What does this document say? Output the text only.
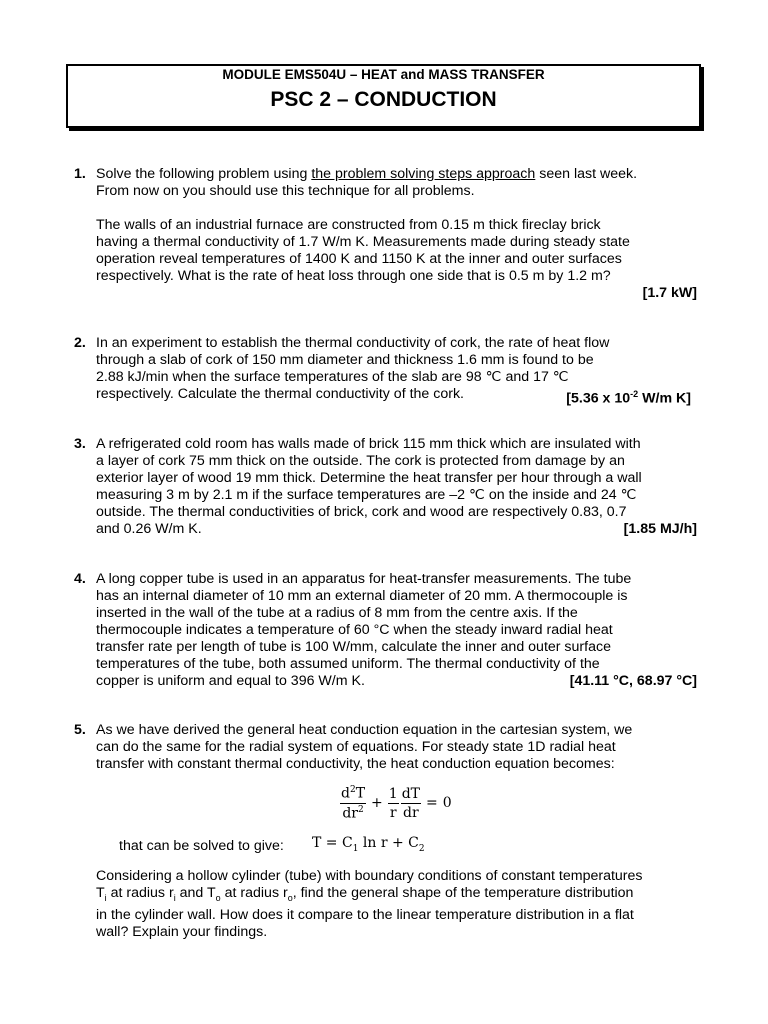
MODULE EMS504U – HEAT and MASS TRANSFER
PSC 2 – CONDUCTION
1. Solve the following problem using the problem solving steps approach seen last week.
From now on you should use this technique for all problems.
The walls of an industrial furnace are constructed from 0.15 m thick fireclay brick
having a thermal conductivity of 1.7 W/m K. Measurements made during steady state
operation reveal temperatures of 1400 K and 1150 K at the inner and outer surfaces
respectively. What is the rate of heat loss through one side that is 0.5 m by 1.2 m?
[1.7 kW]
2. In an experiment to establish the thermal conductivity of cork, the rate of heat flow
through a slab of cork of 150 mm diameter and thickness 1.6 mm is found to be
2.88 kJ/min when the surface temperatures of the slab are 98 ℃ and 17 ℃
respectively. Calculate the thermal conductivity of the cork.	[5.36 x $10^{-2}$ W/m K]
3. A refrigerated cold room has walls made of brick 115 mm thick which are insulated with
a layer of cork 75 mm thick on the outside. The cork is protected from damage by an
exterior layer of wood 19 mm thick. Determine the heat transfer per hour through a wall
measuring 3 m by 2.1 m if the surface temperatures are –2 ℃ on the inside and 24 ℃
outside. The thermal conductivities of brick, cork and wood are respectively 0.83, 0.7
and 0.26 W/m K.	[1.85 MJ/h]
4. A long copper tube is used in an apparatus for heat-transfer measurements. The tube
has an internal diameter of 10 mm an external diameter of 20 mm. A thermocouple is
inserted in the wall of the tube at a radius of 8 mm from the centre axis. If the
thermocouple indicates a temperature of 60 °C when the steady inward radial heat
transfer rate per length of tube is 100 W/mm, calculate the inner and outer surface
temperatures of the tube, both assumed uniform. The thermal conductivity of the
copper is uniform and equal to 396 W/m K.	[41.11 °C, 68.97 °C]
5. As we have derived the general heat conduction equation in the cartesian system, we
can do the same for the radial system of equations. For steady state 1D radial heat
transfer with constant thermal conductivity, the heat conduction equation becomes:
$\frac{d^2T}{dr^2} + \frac{1}{r} \frac{dT}{dr} = 0$
that can be solved to give: $T = C_1$ $\ln r + C_2$
Considering a hollow cylinder (tube) with boundary conditions of constant temperatures
$T_i$ at radius $r_i$ and $T_o$ at radius $r_o$, find the general shape of the temperature distribution
in the cylinder wall. How does it compare to the linear temperature distribution in a flat
wall? Explain your findings.
